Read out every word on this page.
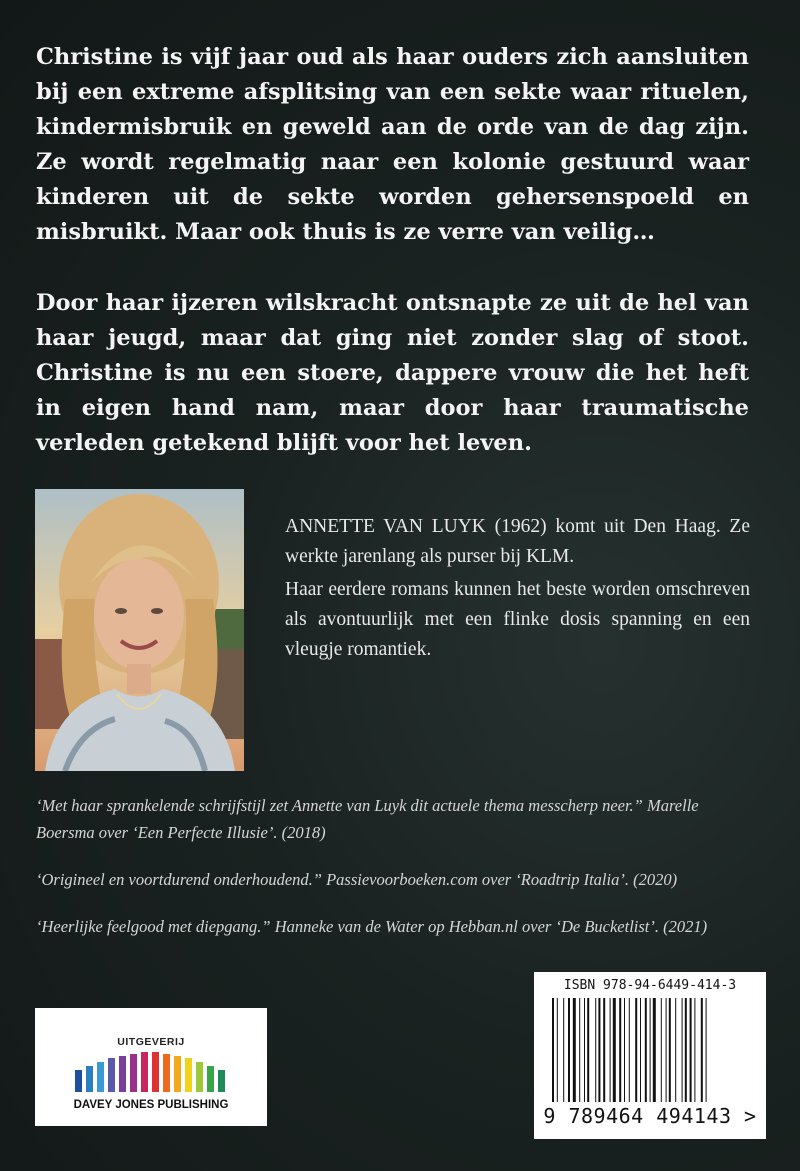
Christine is vijf jaar oud als haar ouders zich aansluiten bij een extreme afsplitsing van een sekte waar rituelen, kindermisbruik en geweld aan de orde van de dag zijn. Ze wordt regelmatig naar een kolonie gestuurd waar kinderen uit de sekte worden gehersenspoeld en misbruikt. Maar ook thuis is ze verre van veilig…

Door haar ijzeren wilskracht ontsnapte ze uit de hel van haar jeugd, maar dat ging niet zonder slag of stoot. Christine is nu een stoere, dappere vrouw die het heft in eigen hand nam, maar door haar traumatische verleden getekend blijft voor het leven.

ANNETTE VAN LUYK (1962) komt uit Den Haag. Ze werkte jarenlang als purser bij KLM.

Haar eerdere romans kunnen het beste worden omschreven als avontuurlijk met een flinke dosis spanning en een vleugje romantiek.

‘Met haar sprankelende schrijfstijl zet Annette van Luyk dit actuele thema messcherp neer.” Marelle Boersma over ‘Een Perfecte Illusie’. (2018)

‘Origineel en voortdurend onderhoudend.” Passievoorboeken.com over ‘Roadtrip Italia’. (2020)

‘Heerlijke feelgood met diepgang.” Hanneke van de Water op Hebban.nl over ‘De Bucketlist’. (2021)

UITGEVERIJ
DAVEY JONES PUBLISHING
ISBN 978-94-6449-414-3
9 789464 494143 >
